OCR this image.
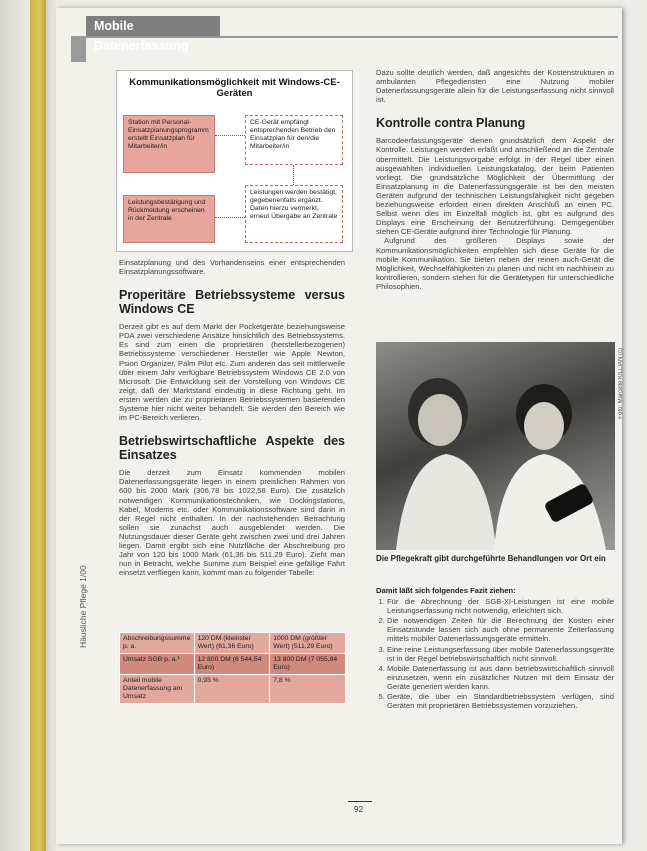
Mobile Datenerfassung
Häusliche Pflege 1/00
Kommunikationsmöglichkeit mit Windows-CE-Geräten
Station mit Personal-Einsatzplanungsprogramm erstellt Einsatzplan für Mitarbeiter/in
CE-Gerät empfängt entsprechenden Betrieb den Einsatzplan für den/die Mitarbeiter/in
Leistungsbestätigung und Rückmeldung erscheinen in der Zentrale
Leistungen werden bestätigt, gegebenenfalls ergänzt. Daten hierzu vermerkt, erneut Übergabe an Zentrale
Einsatzplanung und des Vorhandenseins einer entsprechenden Einsatzplanungssoftware.
Properitäre Betriebssysteme versus Windows CE
Derzeit gibt es auf dem Markt der Pocketgeräte beziehungsweise PDA zwei verschiedene Ansätze hinsichtlich des Betriebssystems. Es sind zum einen die proprietären (herstellerbezogenen) Betriebssysteme verschiedener Hersteller wie Apple Newton, Psion Organizer, Palm Pilot etc. Zum anderen das seit mittlerweile über einem Jahr verfügbare Betriebssystem Windows CE 2.0 von Microsoft. Die Entwicklung seit der Vorstellung von Windows CE zeigt, daß der Marktstand eindeutig in diese Richtung geht. Im ersten werden die zu proprietären Betriebssystemen basierenden Systeme hier nicht weiter behandelt. Sie werden den Bereich wie im PC-Bereich verlieren.
Betriebswirtschaftliche Aspekte des Einsatzes
Die derzeit zum Einsatz kommenden mobilen Datenerfassungsgeräte liegen in einem preislichen Rahmen von 600 bis 2000 Mark (306,78 bis 1022,58 Euro). Die zusätzlich notwendigen Kommunikationstechniken, wie Dockingstations, Kabel, Modems etc. oder Kommunikationssoftware sind darin in der Regel nicht enthalten. In der nachstehenden Betrachtung sollen sie zunächst auch ausgeblendet werden. Die Nutzungsdauer dieser Geräte geht zwischen zwei und drei Jahren liegen. Damit ergibt sich eine Nutzfläche der Abschreibung pro Jahr von 120 bis 1000 Mark (61,36 bis 511,29 Euro). Zieht man nun in Betracht, welche Summe zum Beispiel eine gefällige Fahrt einsetzt verfliegen kann, kommt man zu folgender Tabelle:
Abschreibungssumme p. a.	120 DM (kleinster Wert) (61,36 Euro)	1000 DM (größter Wert) (511,29 Euro)
Umsatz SGB p. a.¹	12 800 DM (6 544,54 Euro)	13 800 DM (7 055,84 Euro)
Anteil mobile Datenerfassung am Umsatz	0,93 %	7,8 %
Dazu sollte deutlich werden, daß angesichts der Kostenstrukturen in ambulanten Pflegediensten eine Nutzung mobiler Datenerfassungsgeräte allein für die Leistungserfassung nicht sinnvoll ist.
Kontrolle contra Planung
Barcodeerfassungsgeräte dienen grundsätzlich dem Aspekt der Kontrolle. Leistungen werden erfaßt und anschließend an die Zentrale übermittelt. Die Leistungsvorgabe erfolgt in der Regel über einen ausgewählten individuellen Leistungskatalog, der beim Patienten vorliegt. Die grundsätzliche Möglichkeit der Übermittlung der Einsatzplanung in die Datenerfassungsgeräte ist bei den meisten Geräten aufgrund der technischen Leistungsfähigkeit nicht gegeben beziehungsweise erfordert einen direkten Anschluß an einen PC. Selbst wenn dies im Einzelfall möglich ist, gibt es aufgrund des Displays eine Erscheinung der Benutzerführung. Demgegenüber stehen CE-Geräte aufgrund ihrer Technologie für Planung.
Aufgrund des größeren Displays sowie der Kommunikationsmöglichkeiten empfehlen sich diese Geräte für die mobile Kommunikation. Sie bieten neben der reinen auch-Gerät die Möglichkeit, Wechselfähigkeiten zu planen und nicht im nachhinein zu kontrollieren, sondern stehen für die Gerätetypen für unterschiedliche Philosophien.
Foto: Marcelle KILLIAN (c)
Die Pflegekraft gibt durchgeführte Behandlungen vor Ort ein
Damit läßt sich folgendes Fazit ziehen:
1. Für die Abrechnung der SGB-XI-Leistungen ist eine mobile Leistungserfassung nicht notwendig, erleichtert sich.
2. Die notwendigen Zeiten für die Berechnung der Kosten einer Einsatzstunde lassen sich auch ohne permanente Zeiterfassung mittels mobiler Datenerfassungsgeräte ermitteln.
3. Eine reine Leistungserfassung über mobile Datenerfassungsgeräte ist in der Regel betriebswirtschaftlich nicht sinnvoll.
4. Mobile Datenerfassung ist aus dann betriebswirtschaftlich sinnvoll einzusetzen, wenn ein zusätzlicher Nutzen mit dem Einsatz der Geräte generiert werden kann.
5. Geräte, die über ein Standardbetriebssystem verfügen, sind Geräten mit proprietären Betriebssystemen vorzuziehen.
92
